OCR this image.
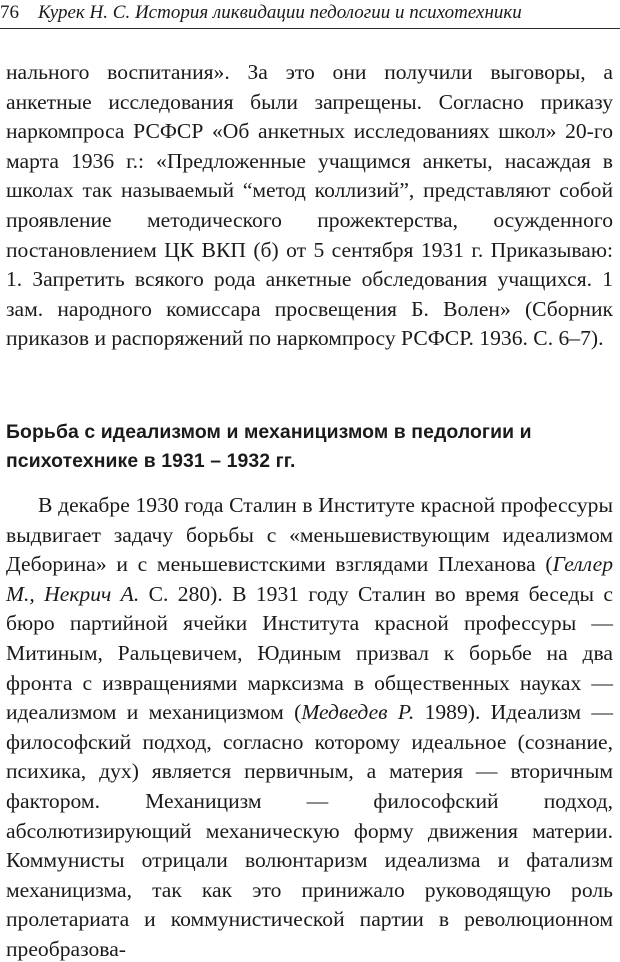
76 Курек Н. С. История ликвидации педологии и психотехники
нального воспитания». За это они получили выговоры, а анкетные исследования были запрещены. Согласно приказу наркомпроса РСФСР «Об анкетных исследованиях школ» 20-го марта 1936 г.: «Предложенные учащимся анкеты, насаждая в школах так называемый “метод коллизий”, представляют собой проявление методического прожектерства, осужденного постановлением ЦК ВКП (б) от 5 сентября 1931 г. Приказываю: 1. Запретить всякого рода анкетные обследования учащихся. 1 зам. народного комиссара просвещения Б. Волен» (Сборник приказов и распоряжений по наркомпросу РСФСР. 1936. С. 6–7).
Борьба с идеализмом и механицизмом в педологии и психотехнике в 1931 – 1932 гг.
В декабре 1930 года Сталин в Институте красной профессуры выдвигает задачу борьбы с «меньшевиствующим идеализмом Деборина» и с меньшевистскими взглядами Плеханова (Геллер М., Некрич А. С. 280). В 1931 году Сталин во время беседы с бюро партийной ячейки Института красной профессуры — Митиным, Ральцевичем, Юдиным призвал к борьбе на два фронта с извращениями марксизма в общественных науках — идеализмом и механицизмом (Медведев Р. 1989). Идеализм — философский подход, согласно которому идеальное (сознание, психика, дух) является первичным, а материя — вторичным фактором. Механицизм — философский подход, абсолютизирующий механическую форму движения материи. Коммунисты отрицали волюнтаризм идеализма и фатализм механицизма, так как это принижало руководящую роль пролетариата и коммунистической партии в революционном преобразова-
